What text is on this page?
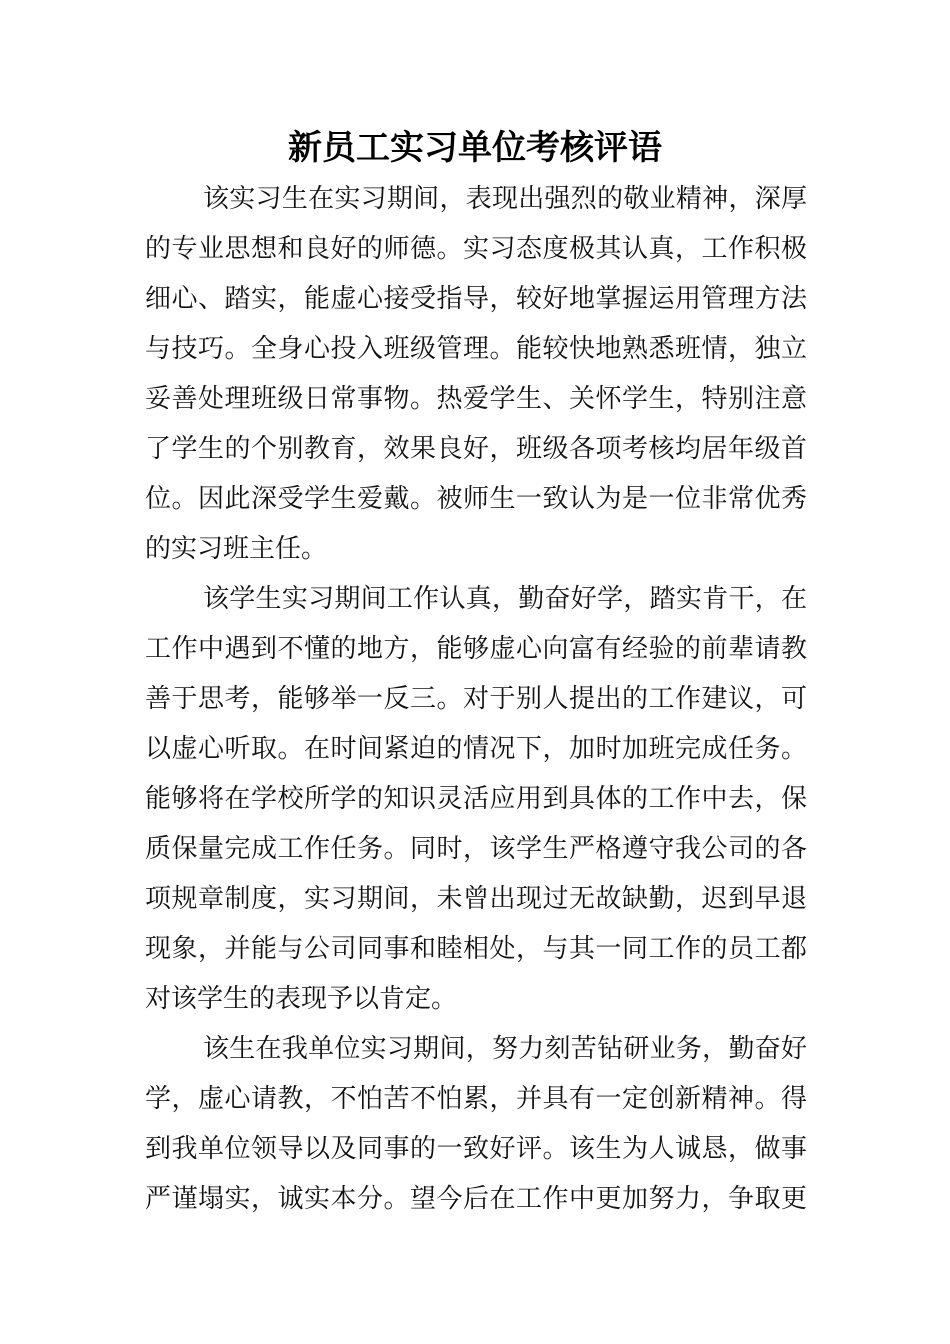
新员工实习单位考核评语
该实习生在实习期间，表现出强烈的敬业精神，深厚
的专业思想和良好的师德。实习态度极其认真，工作积极
细心、踏实，能虚心接受指导，较好地掌握运用管理方法
与技巧。全身心投入班级管理。能较快地熟悉班情，独立
妥善处理班级日常事物。热爱学生、关怀学生，特别注意
了学生的个别教育，效果良好，班级各项考核均居年级首
位。因此深受学生爱戴。被师生一致认为是一位非常优秀
的实习班主任。
该学生实习期间工作认真，勤奋好学，踏实肯干，在
工作中遇到不懂的地方，能够虚心向富有经验的前辈请教
善于思考，能够举一反三。对于别人提出的工作建议，可
以虚心听取。在时间紧迫的情况下，加时加班完成任务。
能够将在学校所学的知识灵活应用到具体的工作中去，保
质保量完成工作任务。同时，该学生严格遵守我公司的各
项规章制度，实习期间，未曾出现过无故缺勤，迟到早退
现象，并能与公司同事和睦相处，与其一同工作的员工都
对该学生的表现予以肯定。
该生在我单位实习期间，努力刻苦钻研业务，勤奋好
学，虚心请教，不怕苦不怕累，并具有一定创新精神。得
到我单位领导以及同事的一致好评。该生为人诚恳，做事
严谨塌实，诚实本分。望今后在工作中更加努力，争取更
